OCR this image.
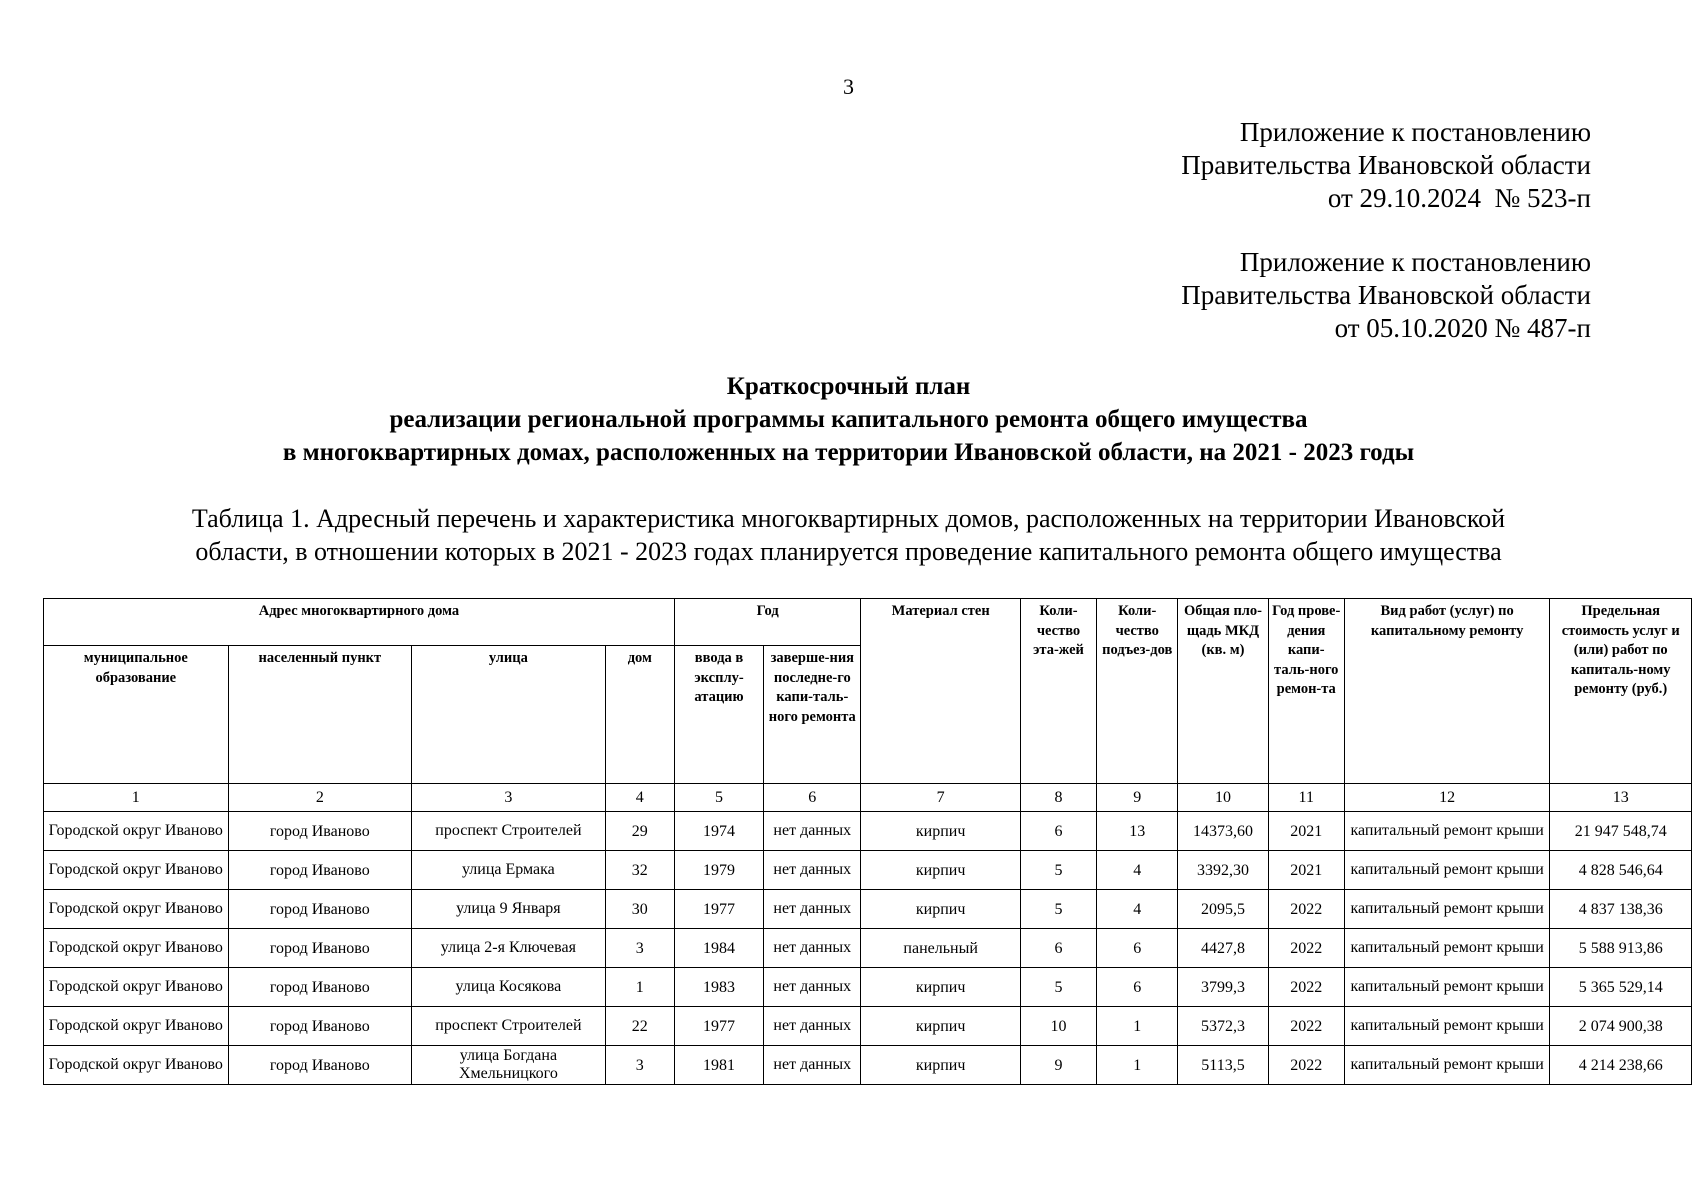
3
Приложение к постановлению
Правительства Ивановской области
от 29.10.2024  № 523-п
Приложение к постановлению
Правительства Ивановской области
от 05.10.2020 № 487-п
Краткосрочный план
реализации региональной программы капитального ремонта общего имущества
в многоквартирных домах, расположенных на территории Ивановской области, на 2021 - 2023 годы
Таблица 1. Адресный перечень и характеристика многоквартирных домов, расположенных на территории Ивановской
области, в отношении которых в 2021 - 2023 годах планируется проведение капитального ремонта общего имущества
Адрес многоквартирного дома				Год		Материал стен	Коли-чество эта-жей	Коли-чество подъез-дов	Общая пло-щадь МКД (кв. м)	Год прове-дения капи-таль-ного ремон-та	Вид работ (услуг) по капитальному ремонту	Предельная стоимость услуг и (или) работ по капиталь-ному ремонту (руб.)
муниципальное образование	населенный пункт	улица	дом	ввода в эксплу-атацию	заверше-ния последне-го капи-таль-ного ремонта							
1	2	3	4	5	6	7	8	9	10	11	12	13
Городской округ Иваново	город Иваново	проспект Строителей	29	1974	нет данных	кирпич	6	13	14373,60	2021	капитальный ремонт крыши	21 947 548,74
Городской округ Иваново	город Иваново	улица Ермака	32	1979	нет данных	кирпич	5	4	3392,30	2021	капитальный ремонт крыши	4 828 546,64
Городской округ Иваново	город Иваново	улица 9 Января	30	1977	нет данных	кирпич	5	4	2095,5	2022	капитальный ремонт крыши	4 837 138,36
Городской округ Иваново	город Иваново	улица 2-я Ключевая	3	1984	нет данных	панельный	6	6	4427,8	2022	капитальный ремонт крыши	5 588 913,86
Городской округ Иваново	город Иваново	улица Косякова	1	1983	нет данных	кирпич	5	6	3799,3	2022	капитальный ремонт крыши	5 365 529,14
Городской округ Иваново	город Иваново	проспект Строителей	22	1977	нет данных	кирпич	10	1	5372,3	2022	капитальный ремонт крыши	2 074 900,38
Городской округ Иваново	город Иваново	улица Богдана Хмельницкого	3	1981	нет данных	кирпич	9	1	5113,5	2022	капитальный ремонт крыши	4 214 238,66
